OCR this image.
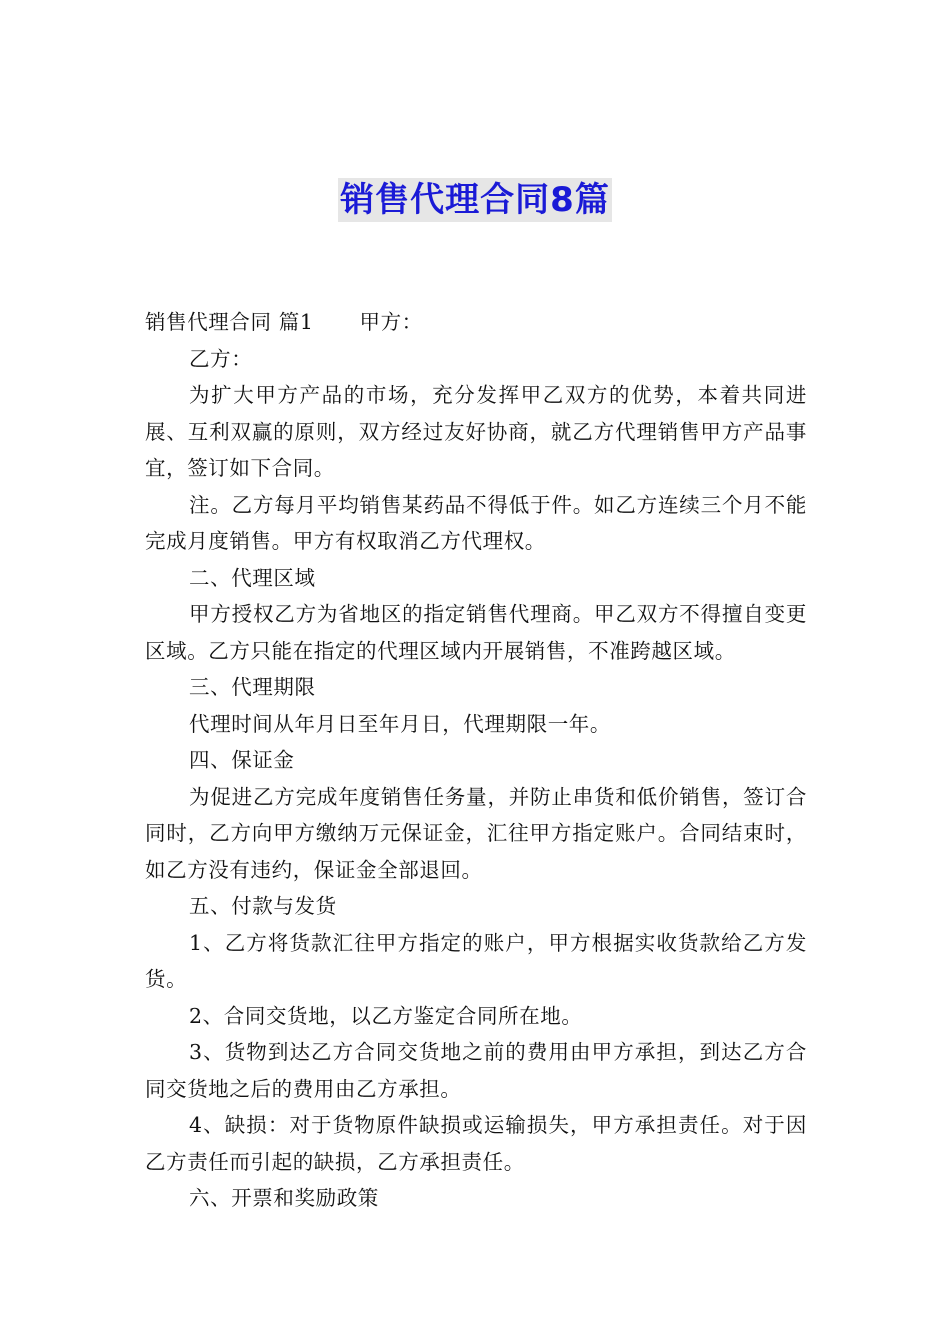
销售代理合同8篇

销售代理合同 篇1 甲方：

乙方：

为扩大甲方产品的市场，充分发挥甲乙双方的优势，本着共同进展、互利双赢的原则，双方经过友好协商，就乙方代理销售甲方产品事宜，签订如下合同。

注。乙方每月平均销售某药品不得低于件。如乙方连续三个月不能完成月度销售。甲方有权取消乙方代理权。

二、代理区域

甲方授权乙方为省地区的指定销售代理商。甲乙双方不得擅自变更区域。乙方只能在指定的代理区域内开展销售，不准跨越区域。

三、代理期限

代理时间从年月日至年月日，代理期限一年。

四、保证金

为促进乙方完成年度销售任务量，并防止串货和低价销售，签订合同时，乙方向甲方缴纳万元保证金，汇往甲方指定账户。合同结束时，如乙方没有违约，保证金全部退回。

五、付款与发货

1、乙方将货款汇往甲方指定的账户，甲方根据实收货款给乙方发货。

2、合同交货地，以乙方鉴定合同所在地。

3、货物到达乙方合同交货地之前的费用由甲方承担，到达乙方合同交货地之后的费用由乙方承担。

4、缺损：对于货物原件缺损或运输损失，甲方承担责任。对于因乙方责任而引起的缺损，乙方承担责任。

六、开票和奖励政策
